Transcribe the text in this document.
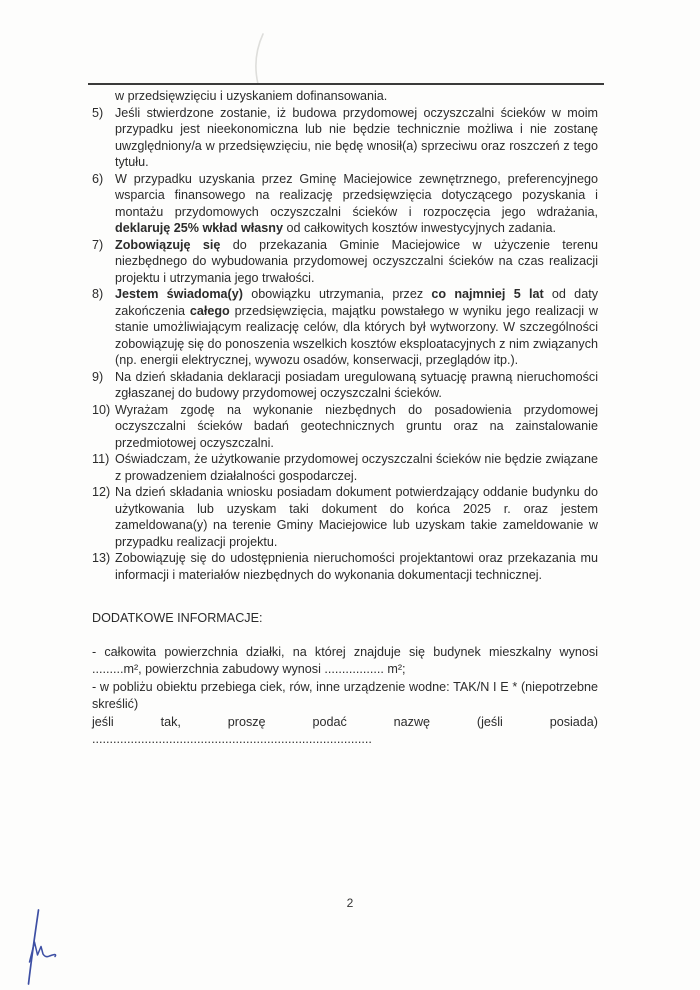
w przedsięwzięciu i uzyskaniem dofinansowania.

5) Jeśli stwierdzone zostanie, iż budowa przydomowej oczyszczalni ścieków w moim przypadku jest nieekonomiczna lub nie będzie technicznie możliwa i nie zostanę uwzględniony/a w przedsięwzięciu, nie będę wnosił(a) sprzeciwu oraz roszczeń z tego tytułu.
6) W przypadku uzyskania przez Gminę Maciejowice zewnętrznego, preferencyjnego wsparcia finansowego na realizację przedsięwzięcia dotyczącego pozyskania i montażu przydomowych oczyszczalni ścieków i rozpoczęcia jego wdrażania, deklaruję 25% wkład własny od całkowitych kosztów inwestycyjnych zadania.
7) Zobowiązuję się do przekazania Gminie Maciejowice w użyczenie terenu niezbędnego do wybudowania przydomowej oczyszczalni ścieków na czas realizacji projektu i utrzymania jego trwałości.
8) Jestem świadoma(y) obowiązku utrzymania, przez co najmniej 5 lat od daty zakończenia całego przedsięwzięcia, majątku powstałego w wyniku jego realizacji w stanie umożliwiającym realizację celów, dla których był wytworzony. W szczególności zobowiązuję się do ponoszenia wszelkich kosztów eksploatacyjnych z nim związanych (np. energii elektrycznej, wywozu osadów, konserwacji, przeglądów itp.).
9) Na dzień składania deklaracji posiadam uregulowaną sytuację prawną nieruchomości zgłaszanej do budowy przydomowej oczyszczalni ścieków.
10) Wyrażam zgodę na wykonanie niezbędnych do posadowienia przydomowej oczyszczalni ścieków badań geotechnicznych gruntu oraz na zainstalowanie przedmiotowej oczyszczalni.
11) Oświadczam, że użytkowanie przydomowej oczyszczalni ścieków nie będzie związane z prowadzeniem działalności gospodarczej.
12) Na dzień składania wniosku posiadam dokument potwierdzający oddanie budynku do użytkowania lub uzyskam taki dokument do końca 2025 r. oraz jestem zameldowana(y) na terenie Gminy Maciejowice lub uzyskam takie zameldowanie w przypadku realizacji projektu.
13) Zobowiązuję się do udostępnienia nieruchomości projektantowi oraz przekazania mu informacji i materiałów niezbędnych do wykonania dokumentacji technicznej.

DODATKOWE INFORMACJE:

- całkowita powierzchnia działki, na której znajduje się budynek mieszkalny wynosi .........m², powierzchnia zabudowy wynosi ................. m²;

- w pobliżu obiektu przebiega ciek, rów, inne urządzenie wodne: TAK/N I E * (niepotrzebne skreślić)

jeśli tak, proszę podać nazwę (jeśli posiada) ................................................................................

2
